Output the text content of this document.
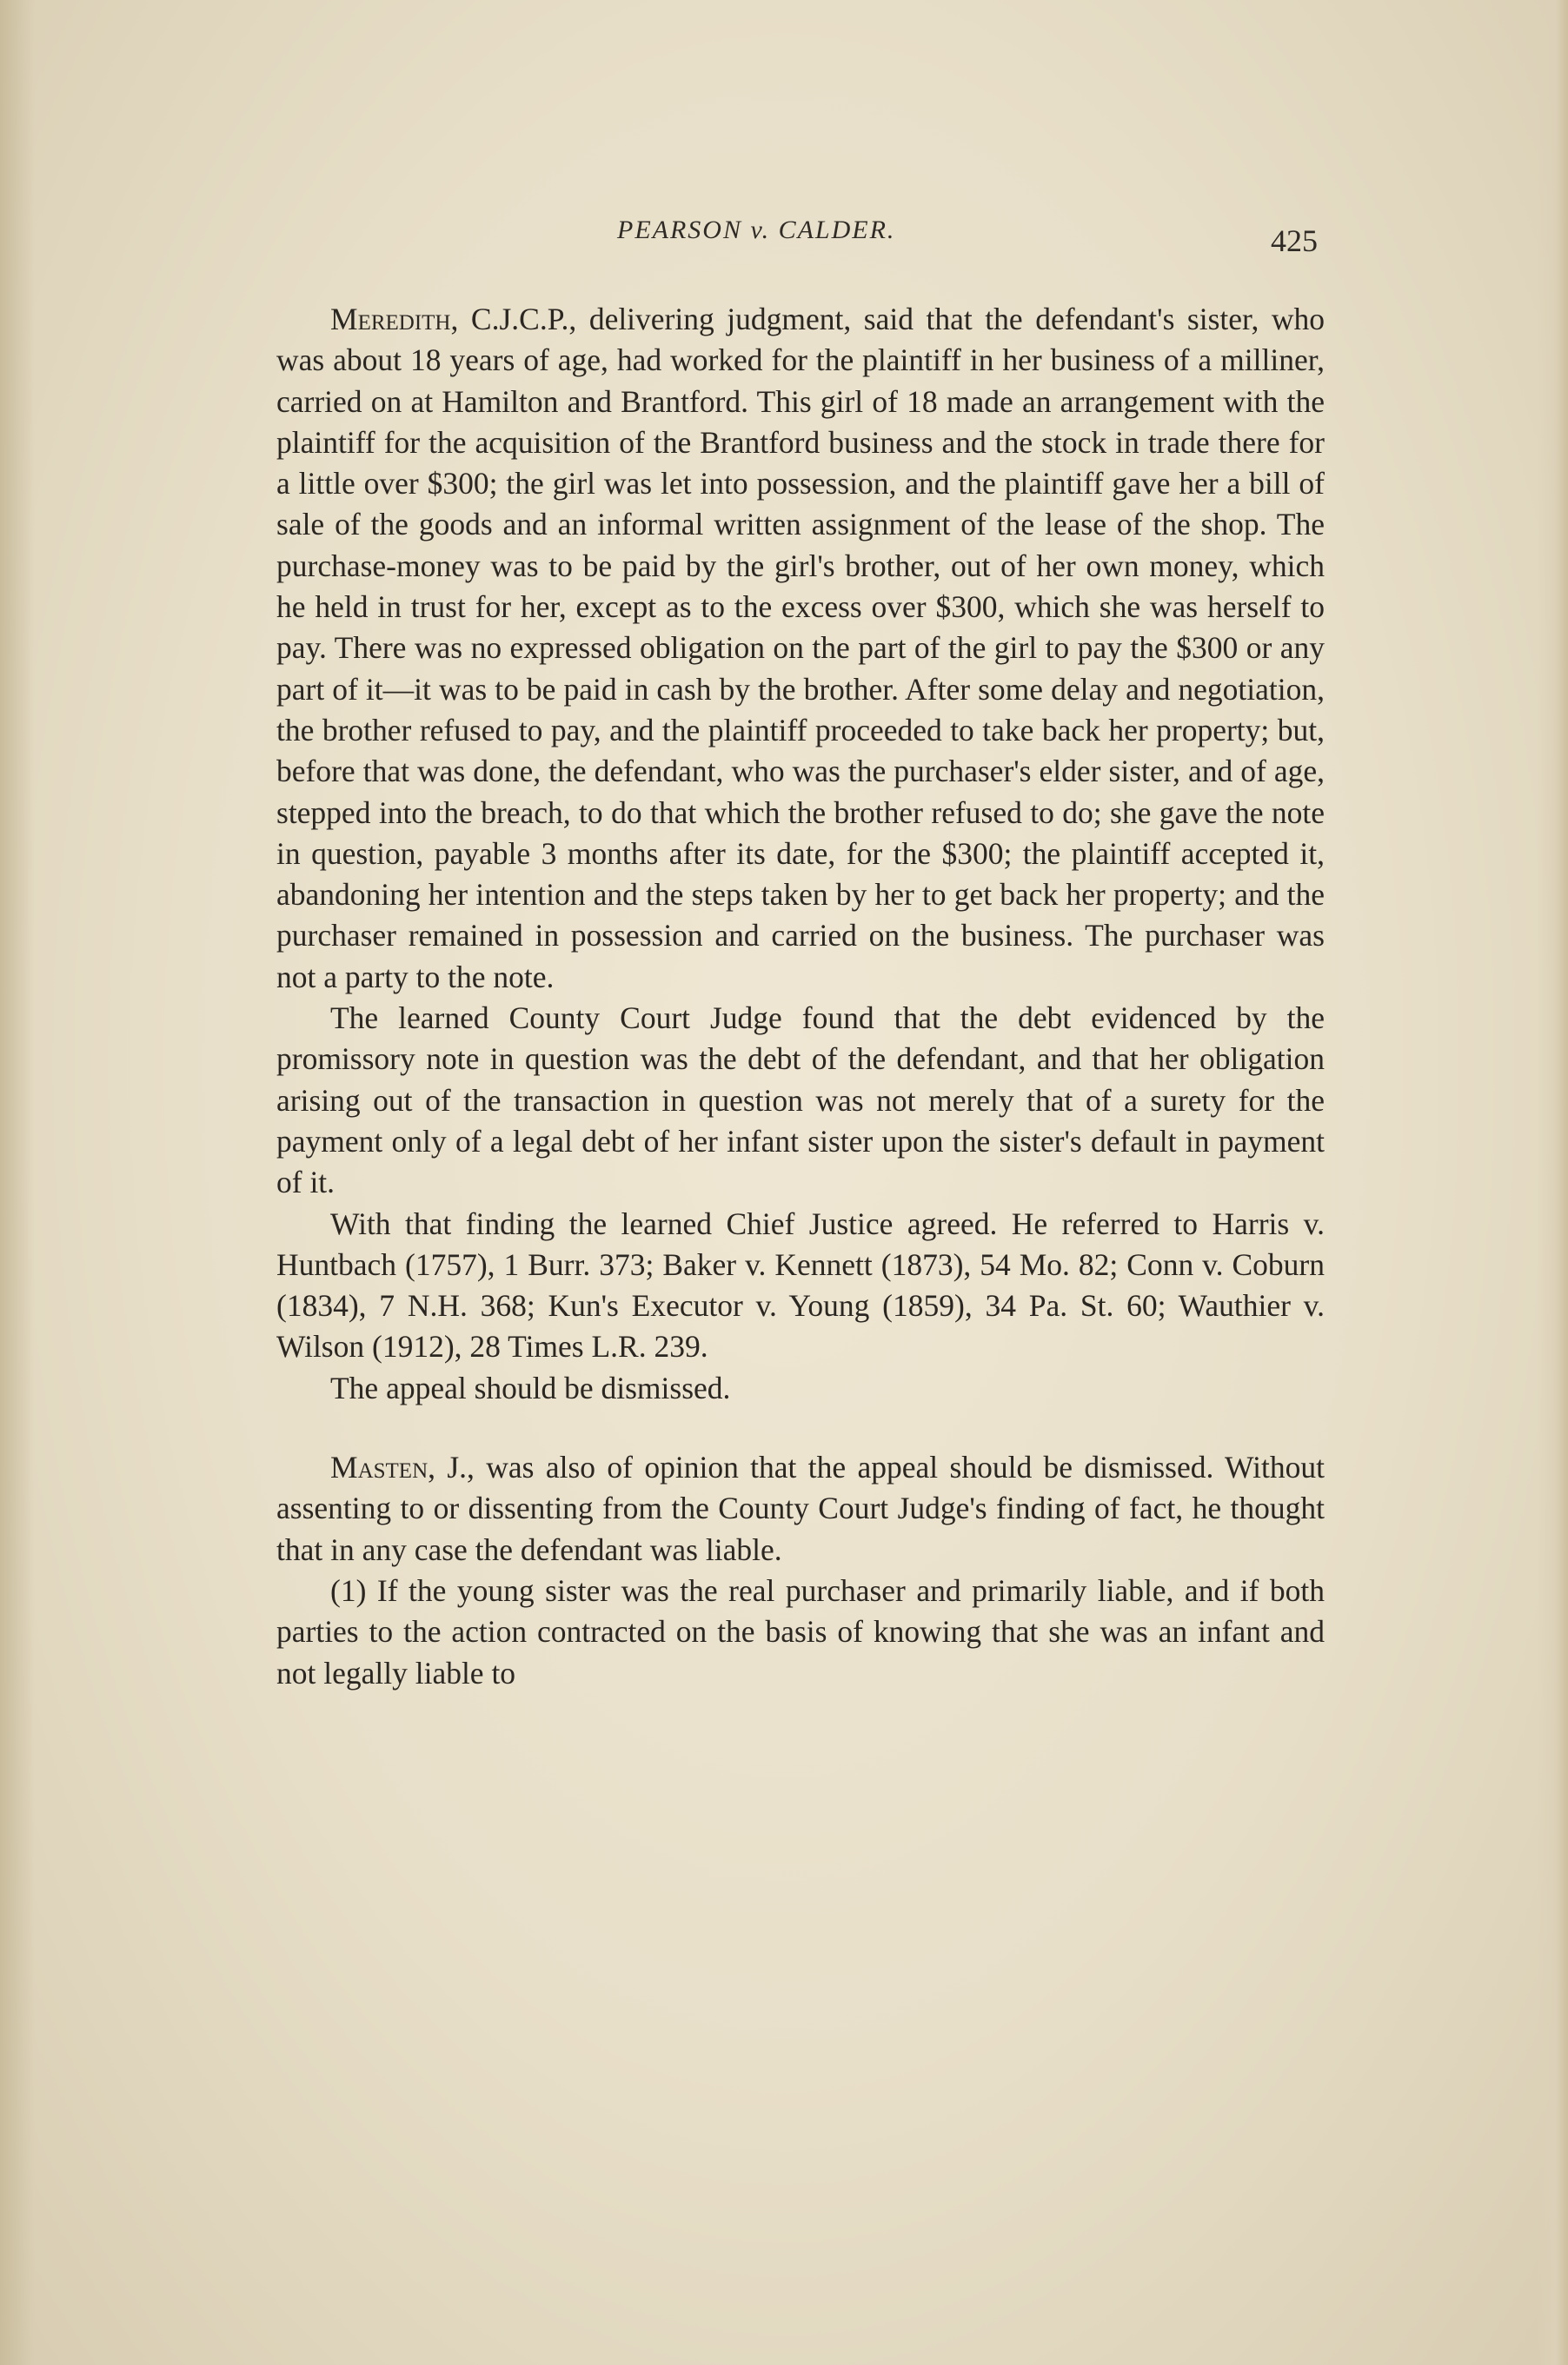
PEARSON v. CALDER.	425

Meredith, C.J.C.P., delivering judgment, said that the defendant's sister, who was about 18 years of age, had worked for the plaintiff in her business of a milliner, carried on at Hamilton and Brantford. This girl of 18 made an arrangement with the plaintiff for the acquisition of the Brantford business and the stock in trade there for a little over $300; the girl was let into possession, and the plaintiff gave her a bill of sale of the goods and an informal written assignment of the lease of the shop. The purchase-money was to be paid by the girl's brother, out of her own money, which he held in trust for her, except as to the excess over $300, which she was herself to pay. There was no expressed obligation on the part of the girl to pay the $300 or any part of it—it was to be paid in cash by the brother. After some delay and negotiation, the brother refused to pay, and the plaintiff proceeded to take back her property; but, before that was done, the defendant, who was the purchaser's elder sister, and of age, stepped into the breach, to do that which the brother refused to do; she gave the note in question, payable 3 months after its date, for the $300; the plaintiff accepted it, abandoning her intention and the steps taken by her to get back her property; and the purchaser remained in possession and carried on the business. The purchaser was not a party to the note.

The learned County Court Judge found that the debt evidenced by the promissory note in question was the debt of the defendant, and that her obligation arising out of the transaction in question was not merely that of a surety for the payment only of a legal debt of her infant sister upon the sister's default in payment of it.

With that finding the learned Chief Justice agreed. He referred to Harris v. Huntbach (1757), 1 Burr. 373; Baker v. Kennett (1873), 54 Mo. 82; Conn v. Coburn (1834), 7 N.H. 368; Kun's Executor v. Young (1859), 34 Pa. St. 60; Wauthier v. Wilson (1912), 28 Times L.R. 239.

The appeal should be dismissed.

Masten, J., was also of opinion that the appeal should be dismissed. Without assenting to or dissenting from the County Court Judge's finding of fact, he thought that in any case the defendant was liable.

(1) If the young sister was the real purchaser and primarily liable, and if both parties to the action contracted on the basis of knowing that she was an infant and not legally liable to
